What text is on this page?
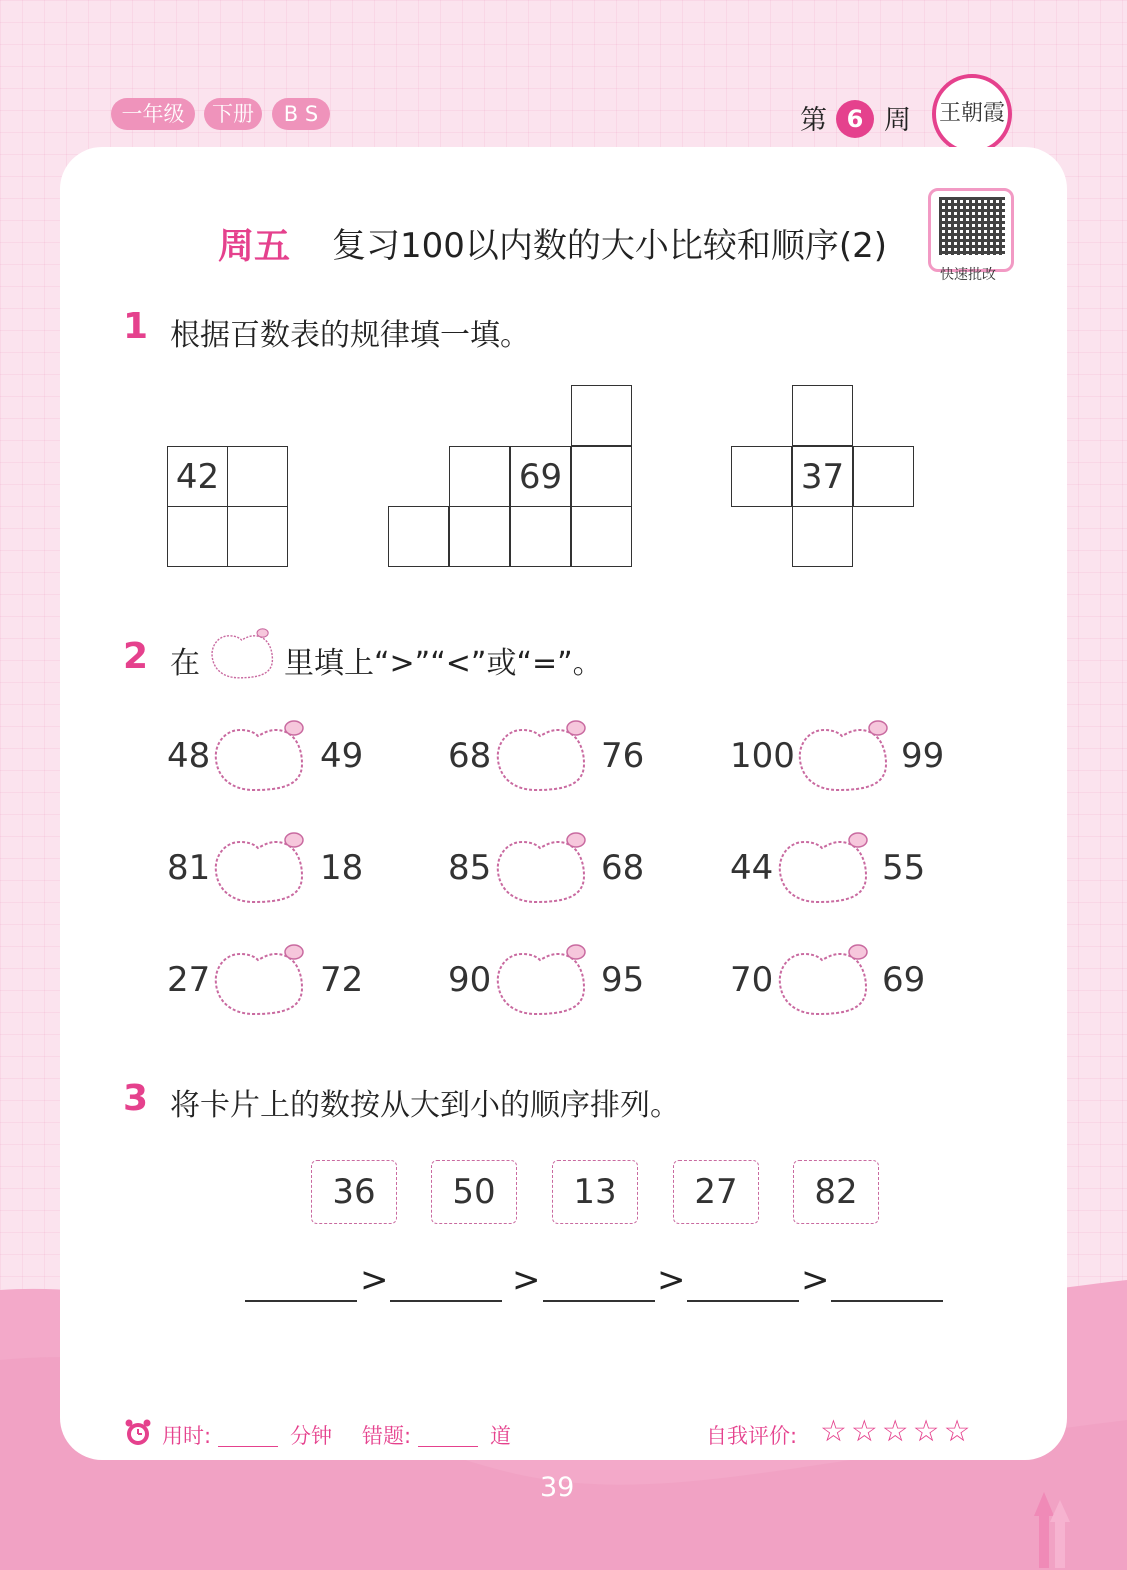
一年级	下册	B S	第 6 周	王朝霞
周五 复习100以内数的大小比较和顺序(2)
快速批改
1 根据百数表的规律填一填。
42	69	37
2 在	里填上“>”“<”或“=”。
48	49 68	76	100	99
81	18 85	68	44	55
27	72 90	95	70	69
3 将卡片上的数按从大到小的顺序排列。
36	50	13	27	82
>	>	>	>
用时:	分钟 错题:	道	自我评价: ☆☆☆☆☆
39
